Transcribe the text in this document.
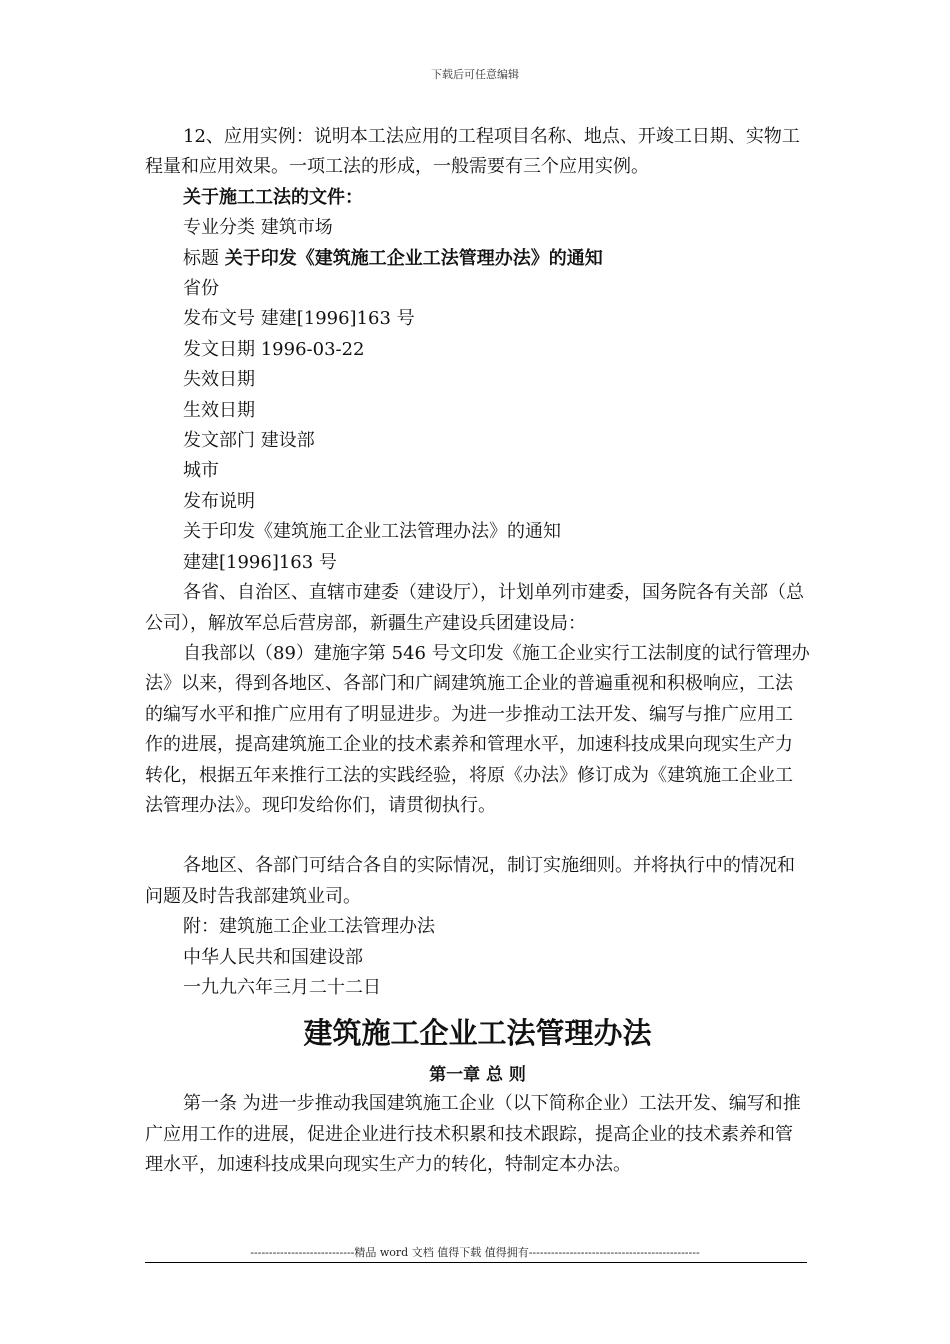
下载后可任意编辑

12、应用实例：说明本工法应用的工程项目名称、地点、开竣工日期、实物工程量和应用效果。一项工法的形成，一般需要有三个应用实例。

关于施工工法的文件：

专业分类 建筑市场

标题 关于印发《建筑施工企业工法管理办法》的通知

省份

发布文号 建建[1996]163 号

发文日期 1996-03-22

失效日期

生效日期

发文部门 建设部

城市

发布说明

关于印发《建筑施工企业工法管理办法》的通知

建建[1996]163 号

各省、自治区、直辖市建委（建设厅），计划单列市建委，国务院各有关部（总公司），解放军总后营房部，新疆生产建设兵团建设局：

自我部以（89）建施字第 546 号文印发《施工企业实行工法制度的试行管理办法》以来，得到各地区、各部门和广阔建筑施工企业的普遍重视和积极响应，工法的编写水平和推广应用有了明显进步。为进一步推动工法开发、编写与推广应用工作的进展，提高建筑施工企业的技术素养和管理水平，加速科技成果向现实生产力转化，根据五年来推行工法的实践经验，将原《办法》修订成为《建筑施工企业工法管理办法》。现印发给你们，请贯彻执行。

各地区、各部门可结合各自的实际情况，制订实施细则。并将执行中的情况和问题及时告我部建筑业司。

附：建筑施工企业工法管理办法

中华人民共和国建设部

一九九六年三月二十二日

建筑施工企业工法管理办法
第一章 总 则

第一条 为进一步推动我国建筑施工企业（以下简称企业）工法开发、编写和推广应用工作的进展，促进企业进行技术积累和技术跟踪，提高企业的技术素养和管理水平，加速科技成果向现实生产力的转化，特制定本办法。

----------------------------精品 word 文档 值得下载 值得拥有----------------------------------------------
